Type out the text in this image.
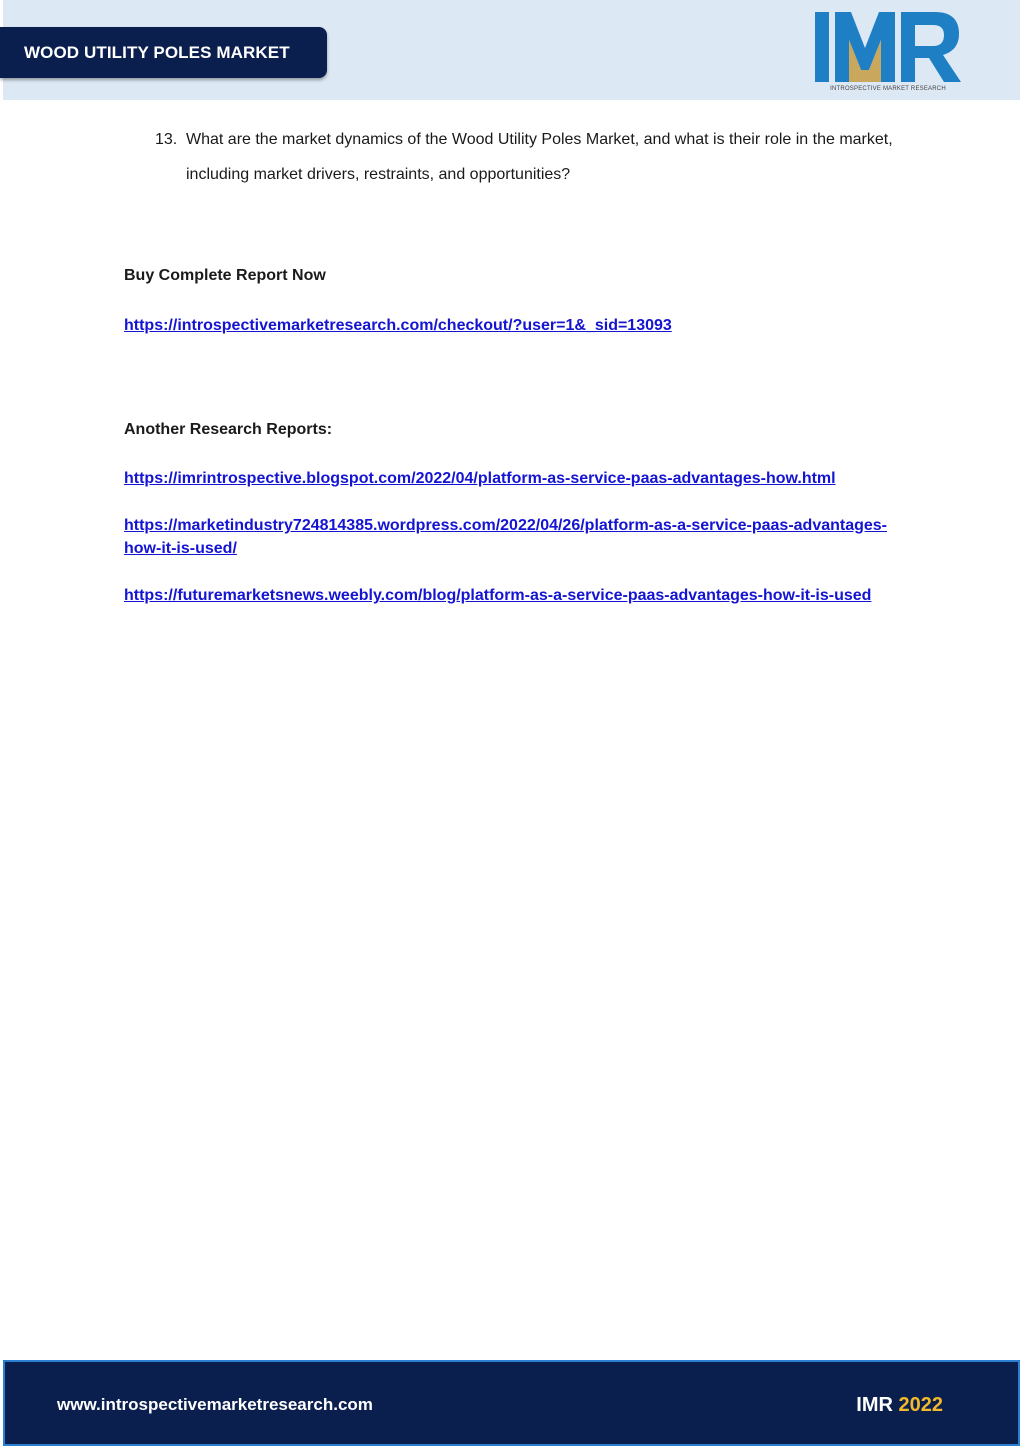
WOOD UTILITY POLES MARKET
INTROSPECTIVE MARKET RESEARCH
13. What are the market dynamics of the Wood Utility Poles Market, and what is their role in the market, including market drivers, restraints, and opportunities?
Buy Complete Report Now
https://introspectivemarketresearch.com/checkout/?user=1&_sid=13093
Another Research Reports:
https://imrintrospective.blogspot.com/2022/04/platform-as-service-paas-advantages-how.html
https://marketindustry724814385.wordpress.com/2022/04/26/platform-as-a-service-paas-advantages-how-it-is-used/
https://futuremarketsnews.weebly.com/blog/platform-as-a-service-paas-advantages-how-it-is-used
www.introspectivemarketresearch.com	IMR 2022
